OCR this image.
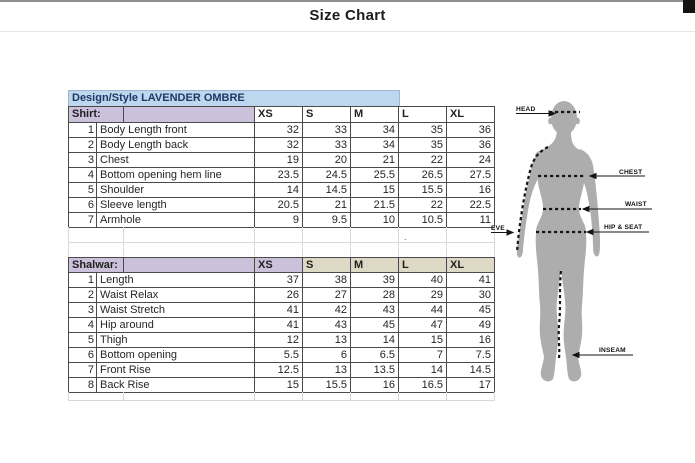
Size Chart
Design/Style LAVENDER OMBRE
Shirt:	XS	S	M	L	XL
1 Body Length front	32	33	34	35	36
2 Body Length back	32	33	34	35	36
3 Chest	19	20	21	22	24
4 Bottom opening hem line	23.5	24.5	25.5	26.5	27.5
5 Shoulder	14	14.5	15	15.5	16
6 Sleeve length	20.5	21	21.5	22	22.5
7 Armhole	9	9.5	10	10.5	11
.
Shalwar:	XS	S	M	L	XL
1 Length	37	38	39	40	41
2 Waist Relax	26	27	28	29	30
3 Waist Stretch	41	42	43	44	45
4 Hip around	41	43	45	47	49
5 Thigh	12	13	14	15	16
6 Bottom opening	5.5	6	6.5	7	7.5
7 Front Rise	12.5	13	13.5	14	14.5
8 Back Rise	15	15.5	16	16.5	17
HEAD
CHEST
WAIST
HIP & SEAT
EVE
INSEAM
